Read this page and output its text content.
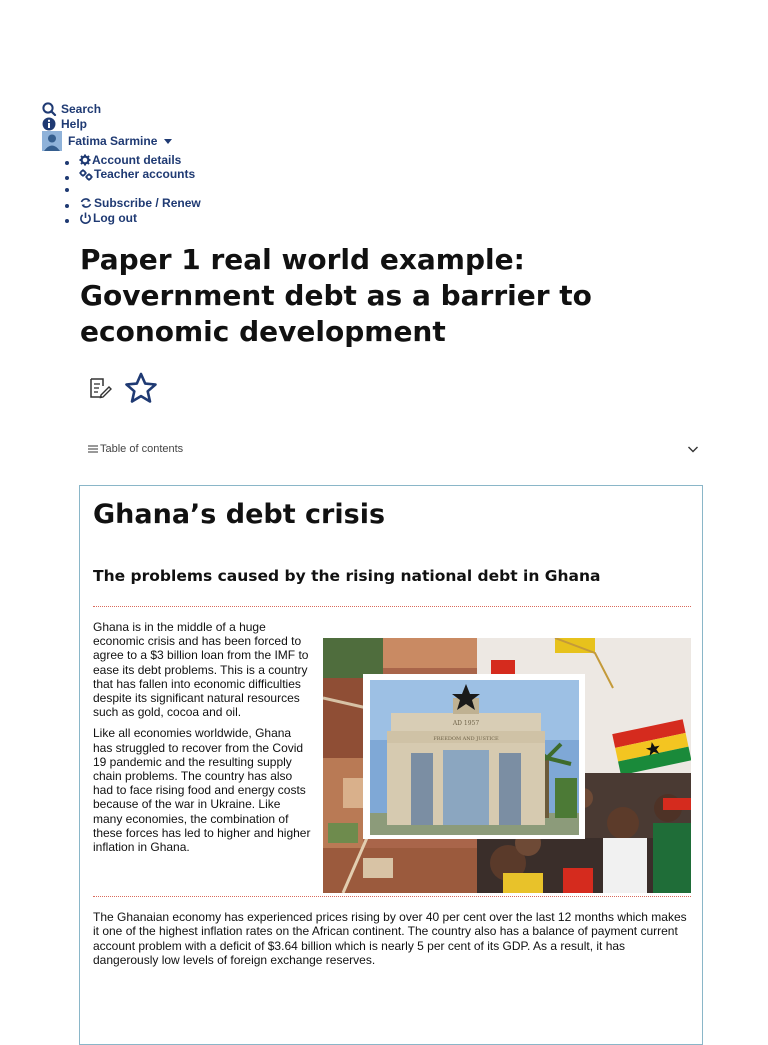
Search
Help
Fatima Sarmine
• Account details
• Teacher accounts
•
• Subscribe / Renew
• Log out
Paper 1 real world example: Government debt as a barrier to economic development
Table of contents
Ghana’s debt crisis
The problems caused by the rising national debt in Ghana

Ghana is in the middle of a huge economic crisis and has been forced to agree to a $3 billion loan from the IMF to ease its debt problems. This is a country that has fallen into economic difficulties despite its significant natural resources such as gold, cocoa and oil.

Like all economies worldwide, Ghana has struggled to recover from the Covid 19 pandemic and the resulting supply chain problems. The country has also had to face rising food and energy costs because of the war in Ukraine. Like many economies, the combination of these forces has led to higher and higher inflation in Ghana.

AD 1957
FREEDOM AND JUSTICE

The Ghanaian economy has experienced prices rising by over 40 per cent over the last 12 months which makes it one of the highest inflation rates on the African continent. The country also has a balance of payment current account problem with a deficit of $3.64 billion which is nearly 5 per cent of its GDP. As a result, it has dangerously low levels of foreign exchange reserves.
